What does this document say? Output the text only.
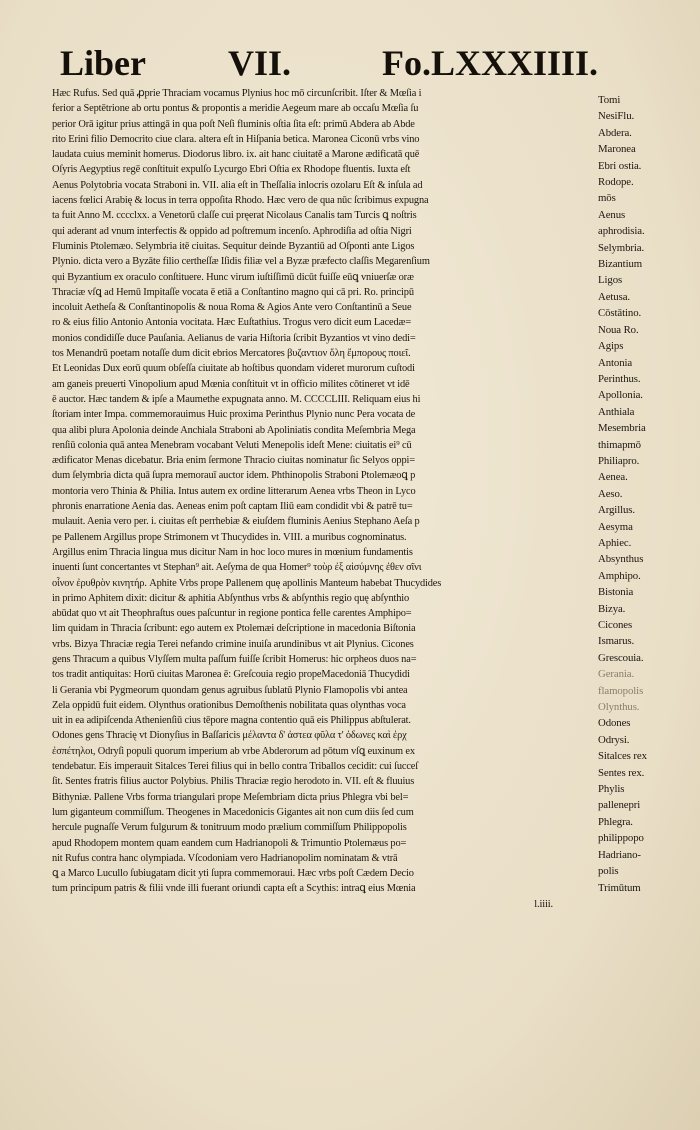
Liber VII.	Fo.LXXXIIII.

Hæc Rufus. Sed quā ꝓprie Thraciam vocamus Plynius hoc mō circunſcribit. Iſter & Mœſia i

ferior a Septētrione ab ortu pontus & propontis a meridie Aegeum mare ab occaſu Mœſia ſu

perior Orā igitur prius attingā in qua poſt Neſi fluminis oſtia ſita eſt: primū Abdera ab Abde

rito Erini filio Democrito ciue clara. altera eſt in Hiſpania betica. Maronea Ciconū vrbs vino

laudata cuius meminit homerus. Diodorus libro. ix. ait hanc ciuitatē a Marone ædificatā quē

Oſyris Aegyptius regē conſtituit expulſo Lycurgo Ebri Oſtia ex Rhodope fluentis. Iuxta eſt

Aenus Polytobria vocata Straboni in. VII. alia eſt in Theſſalia inlocris ozolaru Eſt & inſula ad

iacens fœlici Arabię & locus in terra oppoſita Rhodo. Hæc vero de qua nūc ſcribimus expugna

ta fuit Anno M. cccclxx. a Venetorū claſſe cui pręerat Nicolaus Canalis tam Turcis ꝗ noſtris

qui aderant ad vnum interfectis & oppido ad poſtremum incenſo. Aphrodiſia ad oſtia Nigri

Fluminis Ptolemæo. Selymbria itē ciuitas. Sequitur deinde Byzantiū ad Oſponti ante Ligos

Plynio. dicta vero a Byzāte filio certheſſæ Iſidis filiæ vel a Byzæ præfecto claſſis Megarenſium

qui Byzantium ex oraculo conſtituere. Hunc virum iuſtiſſimū dicūt fuiſſe eūꝗ vniuerſæ oræ

Thraciæ vſꝗ ad Hemū Impitaſſe vocata ē etiā a Conſtantino magno qui cā pri. Ro. principū

incoluit Aetheſa & Conſtantinopolis & noua Roma & Agios Ante vero Conſtantinū a Seue

ro & eius filio Antonio Antonia vocitata. Hæc Euſtathius. Trogus vero dicit eum Lacedæ=

monios condidiſſe duce Pauſania. Aelianus de varia Hiſtoria ſcribit Byzantios vt vino dedi=

tos Menandrū poetam notaſſe dum dicit ebrios Mercatores βυζαντιον ὅλη ἔμπορους ποιεῖ.

Et Leonidas Dux eorū quum obſeſſa ciuitate ab hoſtibus quondam videret murorum cuſtodi

am ganeis preuerti Vinopolium apud Mœnia conſtituit vt in officio milites cōtineret vt idē

ē auctor. Hæc tandem & ipſe a Maumethe expugnata anno. M. CCCCLIII. Reliquam eius hi

ſtoriam inter Impa. commemorauimus Huic proxima Perinthus Plynio nunc Pera vocata de

qua alibi plura Apolonia deinde Anchiala Straboni ab Apoliniatis condita Meſembria Mega

renſiū colonia quā antea Menebram vocabant Veluti Menepolis ideſt Mene: ciuitatis ei⁹ cū

ædificator Menas dicebatur. Bria enim ſermone Thracio ciuitas nominatur ſic Selyos oppi=

dum ſelymbria dicta quā ſupra memorauī auctor idem. Phthinopolis Straboni Ptolemæoꝗ p

montoria vero Thinia & Philia. Intus autem ex ordine litterarum Aenea vrbs Theon in Lyco

phronis enarratione Aenia das. Aeneas enim poſt captam Iliū eam condidit vbi & patrē tu=

mulauit. Aenia vero per. i. ciuitas eſt perrhebiæ & eiuſdem fluminis Aenius Stephano Aeſa p

pe Pallenem Argillus prope Strimonem vt Thucydides in. VIII. a muribus cognominatus.

Argillus enim Thracia lingua mus dicitur Nam in hoc loco mures in mœnium fundamentis

inuenti ſunt concertantes vt Stephan⁹ ait. Aeſyma de qua Homer⁹ τοὺρ ἐξ αἰσύμνης ἐθεν σῖνι

οἶνον ἐρυθρὸν κινητήρ. Aphite Vrbs prope Pallenem quę apollinis Manteum habebat Thucydides

in primo Aphitem dixit: dicitur & aphitia Abſynthus vrbs & abſynthis regio quę abſynthio

abūdat quo vt ait Theophraſtus oues paſcuntur in regione pontica felle carentes Amphipo=

lim quidam in Thracia ſcribunt: ego autem ex Ptolemæi deſcriptione in macedonia Biſtonia

vrbs. Bizya Thraciæ regia Terei nefando crimine inuiſa arundinibus vt ait Plynius. Cicones

gens Thracum a quibus Vlyſſem multa paſſum fuiſſe ſcribit Homerus: hic orpheos duos na=

tos tradit antiquitas: Horū ciuitas Maronea ē: Greſcouia regio propeMacedoniā Thucydidi

li Gerania vbi Pygmeorum quondam genus agruibus ſublatū Plynio Flamopolis vbi antea

Zela oppidū fuit eidem. Olynthus orationibus Demoſthenis nobilitata quas olynthas voca

uit in ea adipiſcenda Athenienſiū cius tēpore magna contentio quā eis Philippus abſtulerat.

Odones gens Thracię vt Dionyſius in Baſſaricis μέλαντα δ' ἀστεα φῦλα τ' ὀδωνες καὶ ἐρχ

ἐσπέτηλοι, Odryſi populi quorum imperium ab vrbe Abderorum ad pōtum vſꝗ euxinum ex

tendebatur. Eis imperauit Sitalces Terei filius qui in bello contra Triballos cecidit: cui ſucceſ

ſit. Sentes fratris filius auctor Polybius. Philis Thraciæ regio herodoto in. VII. eſt & fluuius

Bithyniæ. Pallene Vrbs forma triangulari prope Meſembriam dicta prius Phlegra vbi bel=

lum giganteum commiſſum. Theogenes in Macedonicis Gigantes ait non cum diis ſed cum

hercule pugnaſſe Verum fulgurum & tonitruum modo prælium commiſſum Philippopolis

apud Rhodopem montem quam eandem cum Hadrianopoli & Trimuntio Ptolemæus po=

nit Rufus contra hanc olympiada. Vſcodoniam vero Hadrianopolim nominatam & vtrā

ꝗ a Marco Lucullo ſubiugatam dicit yti ſupra commemoraui. Hæc vrbs poſt Cædem Decio

tum principum patris & filii vnde illi fuerant oriundi capta eſt a Scythis: intraꝗ eius Mœnia

l.iiii.

Tomi

NesiFlu.

Abdera.

Maronea

Ebri ostia.

Rodope.

mōs

Aenus

aphrodisia.

Selymbria.

Bizantium

Ligos

Aetusa.

Cōstātino.

Noua Ro.

Agips

Antonia

Perinthus.

Apollonia.

Anthiala

Mesembria

thimapmō

Philiapro.

Aenea.

Aeso.

Argillus.

Aesyma

Aphiec.

Absynthus

Amphipo.

Bistonia

Bizya.

Cicones

Ismarus.

Grescouia.

Gerania.

flamopolis

Olynthus.

Odones

Odrysi.

Sitalces rex

Sentes rex.

Phylis

pallenepri

Phlegra.

philippopo

Hadriano-

polis

Trimūtum
